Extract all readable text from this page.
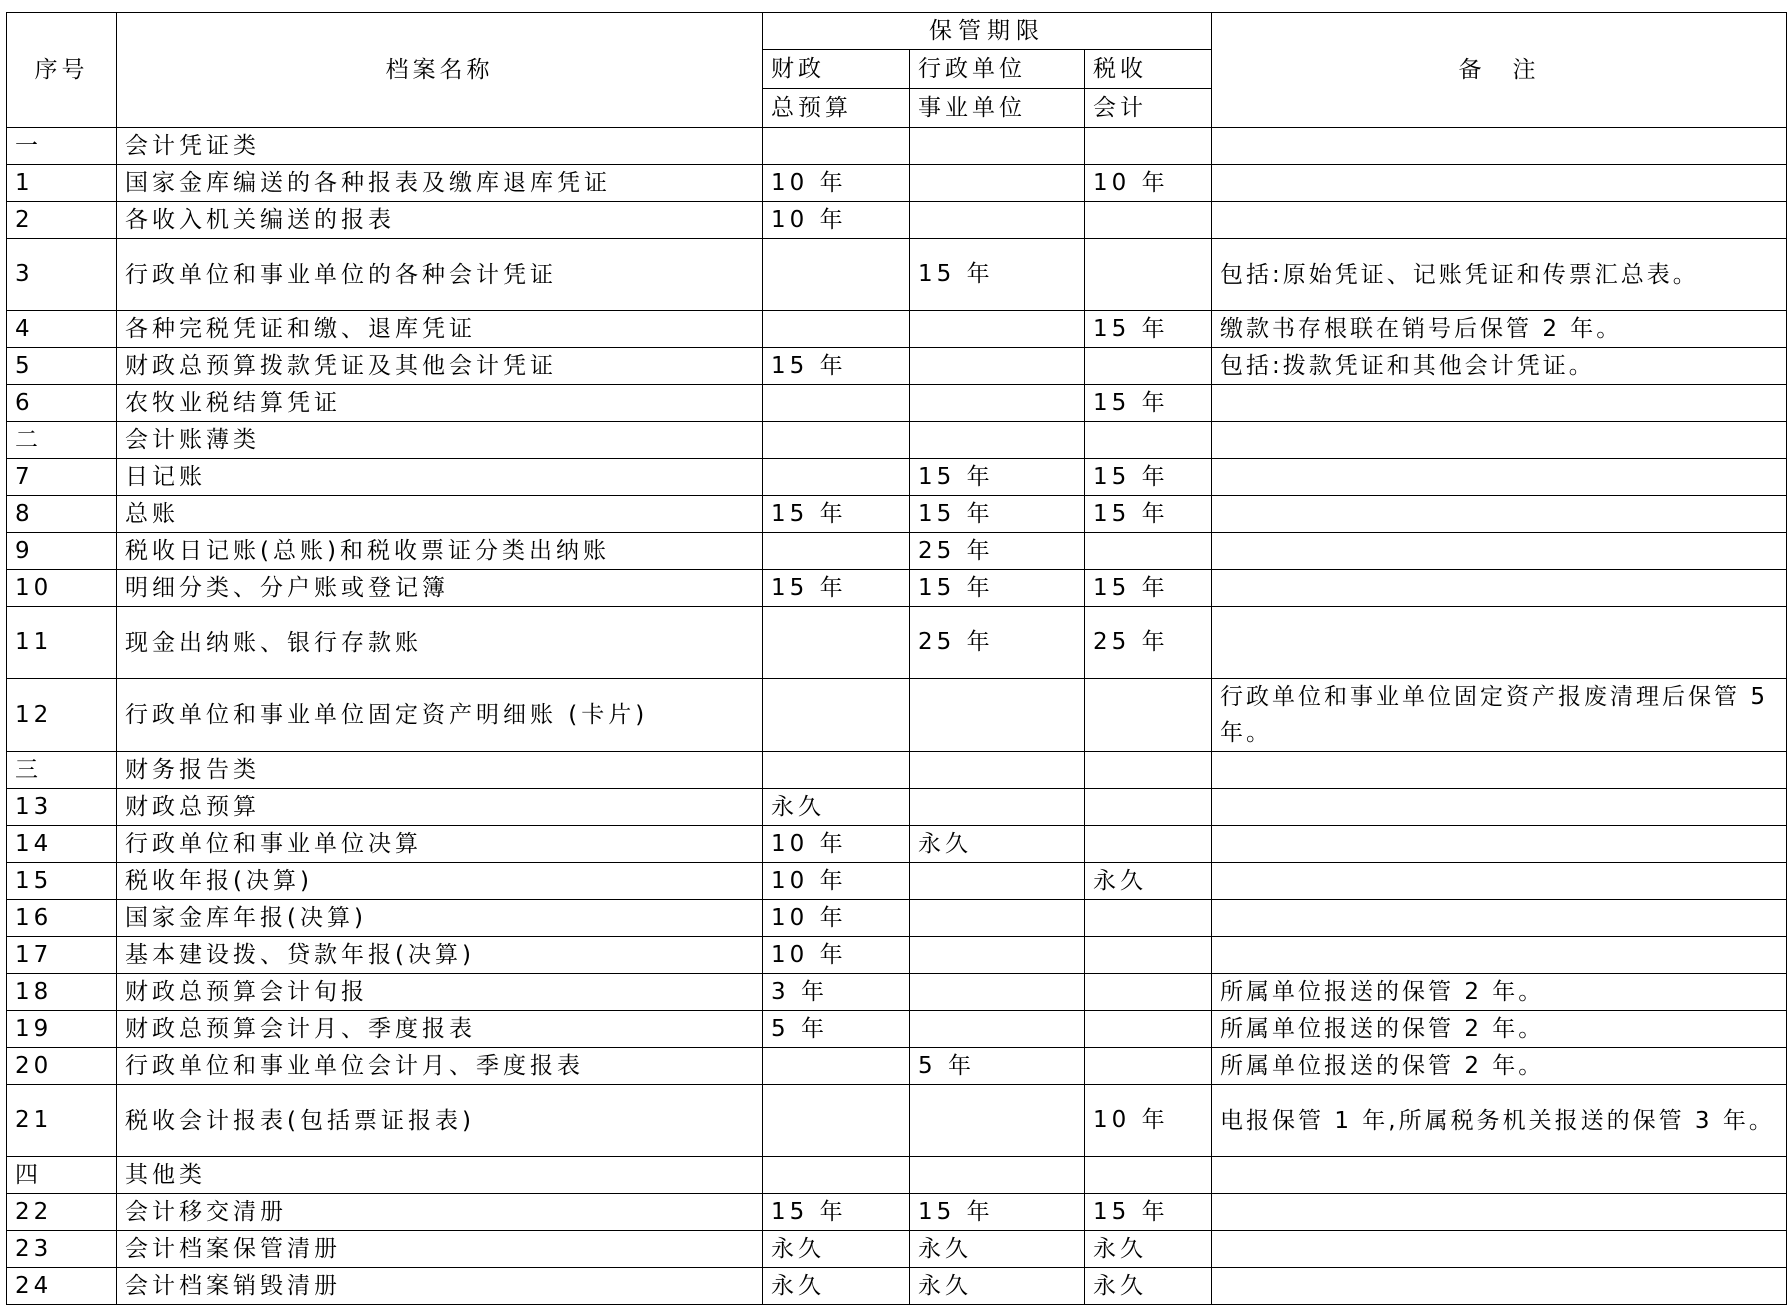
序号	档案名称	保管期限			备　注
		财政	行政单位	税收	
		总预算	事业单位	会计	
一	会计凭证类				
1	国家金库编送的各种报表及缴库退库凭证	10 年		10 年	
2	各收入机关编送的报表	10 年			
3	行政单位和事业单位的各种会计凭证		15 年		包括:原始凭证、记账凭证和传票汇总表。
4	各种完税凭证和缴、退库凭证			15 年	缴款书存根联在销号后保管 2 年。
5	财政总预算拨款凭证及其他会计凭证	15 年			包括:拨款凭证和其他会计凭证。
6	农牧业税结算凭证			15 年	
二	会计账薄类				
7	日记账		15 年	15 年	
8	总账	15 年	15 年	15 年	
9	税收日记账(总账)和税收票证分类出纳账		25 年		
10	明细分类、分户账或登记簿	15 年	15 年	15 年	
11	现金出纳账、银行存款账		25 年	25 年	
12	行政单位和事业单位固定资产明细账 (卡片)				行政单位和事业单位固定资产报废清理后保管 5 年。
三	财务报告类				
13	财政总预算	永久			
14	行政单位和事业单位决算	10 年	永久		
15	税收年报(决算)	10 年		永久	
16	国家金库年报(决算)	10 年			
17	基本建设拨、贷款年报(决算)	10 年			
18	财政总预算会计旬报	3 年			所属单位报送的保管 2 年。
19	财政总预算会计月、季度报表	5 年			所属单位报送的保管 2 年。
20	行政单位和事业单位会计月、季度报表		5 年		所属单位报送的保管 2 年。
21	税收会计报表(包括票证报表)			10 年	电报保管 1 年,所属税务机关报送的保管 3 年。
四	其他类				
22	会计移交清册	15 年	15 年	15 年	
23	会计档案保管清册	永久	永久	永久	
24	会计档案销毁清册	永久	永久	永久	
